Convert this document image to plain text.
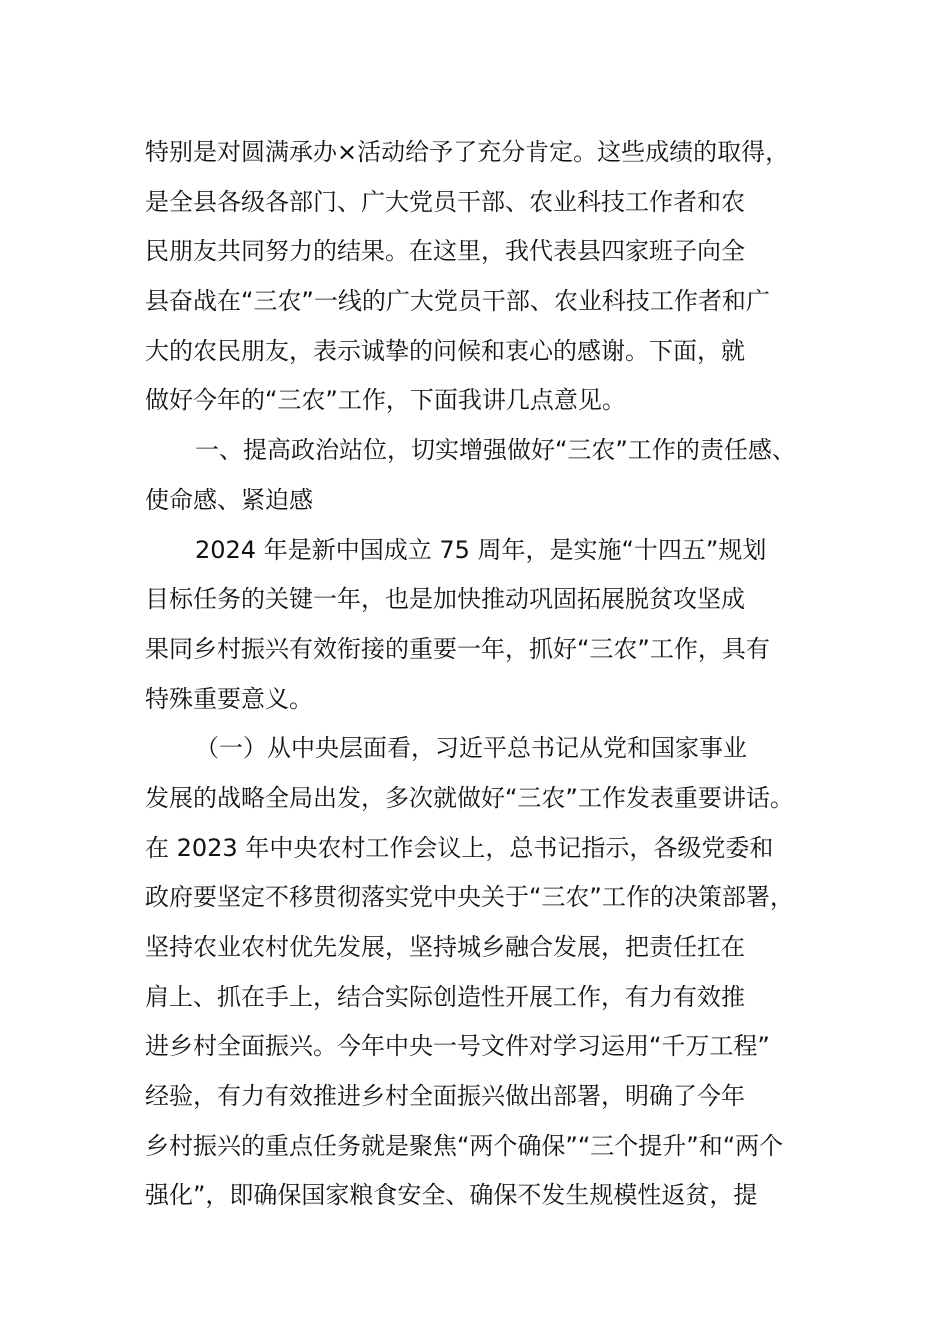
特别是对圆满承办×活动给予了充分肯定。这些成绩的取得，
是全县各级各部门、广大党员干部、农业科技工作者和农
民朋友共同努力的结果。在这里，我代表县四家班子向全
县奋战在“三农”一线的广大党员干部、农业科技工作者和广
大的农民朋友，表示诚挚的问候和衷心的感谢。下面，就
做好今年的“三农”工作，下面我讲几点意见。
一、提高政治站位，切实增强做好“三农”工作的责任感、
使命感、紧迫感
2024 年是新中国成立 75 周年，是实施“十四五”规划
目标任务的关键一年，也是加快推动巩固拓展脱贫攻坚成
果同乡村振兴有效衔接的重要一年，抓好“三农”工作，具有
特殊重要意义。
（一）从中央层面看，习近平总书记从党和国家事业
发展的战略全局出发，多次就做好“三农”工作发表重要讲话。
在 2023 年中央农村工作会议上，总书记指示，各级党委和
政府要坚定不移贯彻落实党中央关于“三农”工作的决策部署，
坚持农业农村优先发展，坚持城乡融合发展，把责任扛在
肩上、抓在手上，结合实际创造性开展工作，有力有效推
进乡村全面振兴。今年中央一号文件对学习运用“千万工程”
经验，有力有效推进乡村全面振兴做出部署，明确了今年
乡村振兴的重点任务就是聚焦“两个确保”“三个提升”和“两个
强化”，即确保国家粮食安全、确保不发生规模性返贫，提
